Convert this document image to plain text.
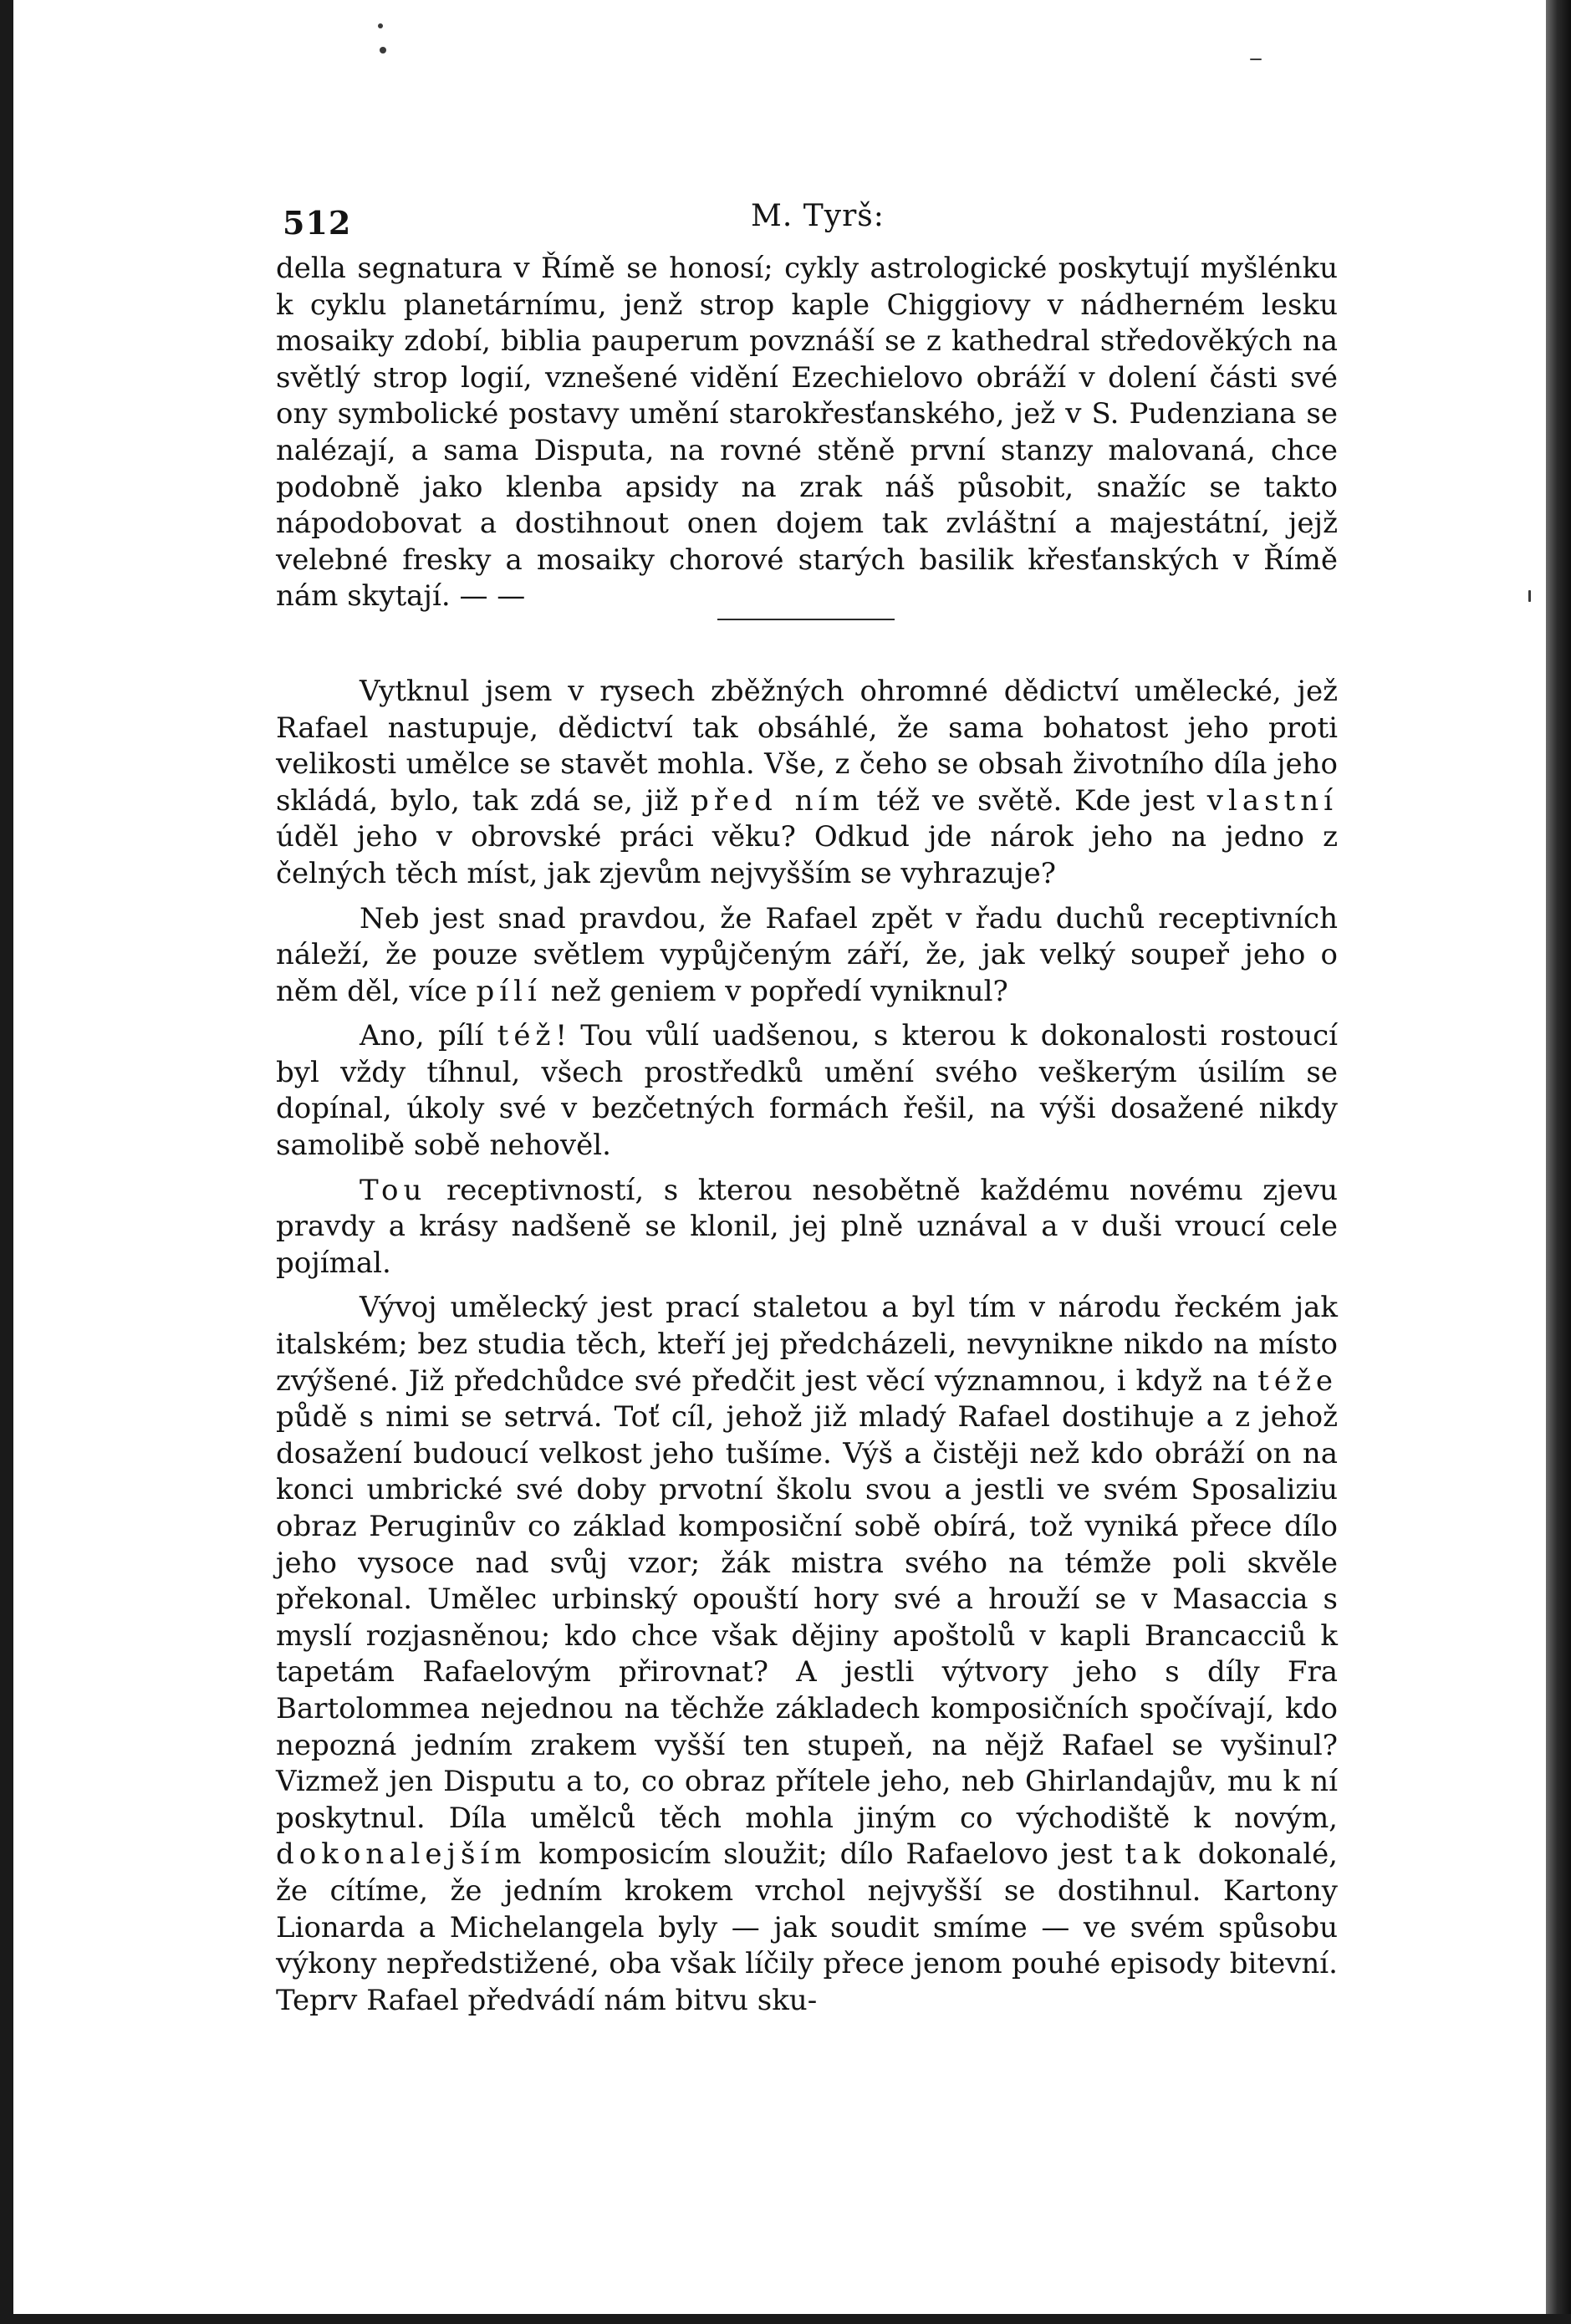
512	M. Tyrš:

della segnatura v Římě se honosí; cykly astrologické poskytují myšlénku k cyklu planetárnímu, jenž strop kaple Chiggiovy v nádherném lesku mosaiky zdobí, biblia pauperum povznáší se z kathedral středověkých na světlý strop logií, vznešené vidění Ezechielovo obráží v dolení části své ony symbolické postavy umění starokřesťanského, jež v S. Pudenziana se nalézají, a sama Disputa, na rovné stěně první stanzy malovaná, chce podobně jako klenba apsidy na zrak náš působit, snažíc se takto nápodobovat a dostihnout onen dojem tak zvláštní a majestátní, jejž velebné fresky a mosaiky chorové starých basilik křesťanských v Římě nám skytají. — —

Vytknul jsem v rysech zběžných ohromné dědictví umělecké, jež Rafael nastupuje, dědictví tak obsáhlé, že sama bohatost jeho proti velikosti umělce se stavět mohla. Vše, z čeho se obsah životního díla jeho skládá, bylo, tak zdá se, již před ním též ve světě. Kde jest vlastní úděl jeho v obrovské práci věku? Odkud jde nárok jeho na jedno z čelných těch míst, jak zjevům nejvyšším se vyhrazuje?

Neb jest snad pravdou, že Rafael zpět v řadu duchů receptivních náleží, že pouze světlem vypůjčeným září, že, jak velký soupeř jeho o něm děl, více pílí než geniem v popředí vyniknul?

Ano, pílí též! Tou vůlí uadšenou, s kterou k dokonalosti rostoucí byl vždy tíhnul, všech prostředků umění svého veškerým úsilím se dopínal, úkoly své v bezčetných formách řešil, na výši dosažené nikdy samolibě sobě nehověl.

Tou receptivností, s kterou nesobětně každému novému zjevu pravdy a krásy nadšeně se klonil, jej plně uznával a v duši vroucí cele pojímal.

Vývoj umělecký jest prací staletou a byl tím v národu řeckém jak italském; bez studia těch, kteří jej předcházeli, nevynikne nikdo na místo zvýšené. Již předchůdce své předčit jest věcí významnou, i když na téže půdě s nimi se setrvá. Toť cíl, jehož již mladý Rafael dostihuje a z jehož dosažení budoucí velkost jeho tušíme. Výš a čistěji než kdo obráží on na konci umbrické své doby prvotní školu svou a jestli ve svém Sposaliziu obraz Peruginův co základ komposiční sobě obírá, tož vyniká přece dílo jeho vysoce nad svůj vzor; žák mistra svého na témže poli skvěle překonal. Umělec urbinský opouští hory své a hrouží se v Masaccia s myslí rozjasněnou; kdo chce však dějiny apoštolů v kapli Brancacciů k tapetám Rafaelovým přirovnat? A jestli výtvory jeho s díly Fra Bartolommea nejednou na těchže základech komposičních spočívají, kdo nepozná jedním zrakem vyšší ten stupeň, na nějž Rafael se vyšinul? Vizmež jen Disputu a to, co obraz přítele jeho, neb Ghirlandajův, mu k ní poskytnul. Díla umělců těch mohla jiným co východiště k novým, dokonalejším komposicím sloužit; dílo Rafaelovo jest tak dokonalé, že cítíme, že jedním krokem vrchol nejvyšší se dostihnul. Kartony Lionarda a Michelangela byly — jak soudit smíme — ve svém spůsobu výkony nepředstižené, oba však líčily přece jenom pouhé episody bitevní. Teprv Rafael předvádí nám bitvu sku-
